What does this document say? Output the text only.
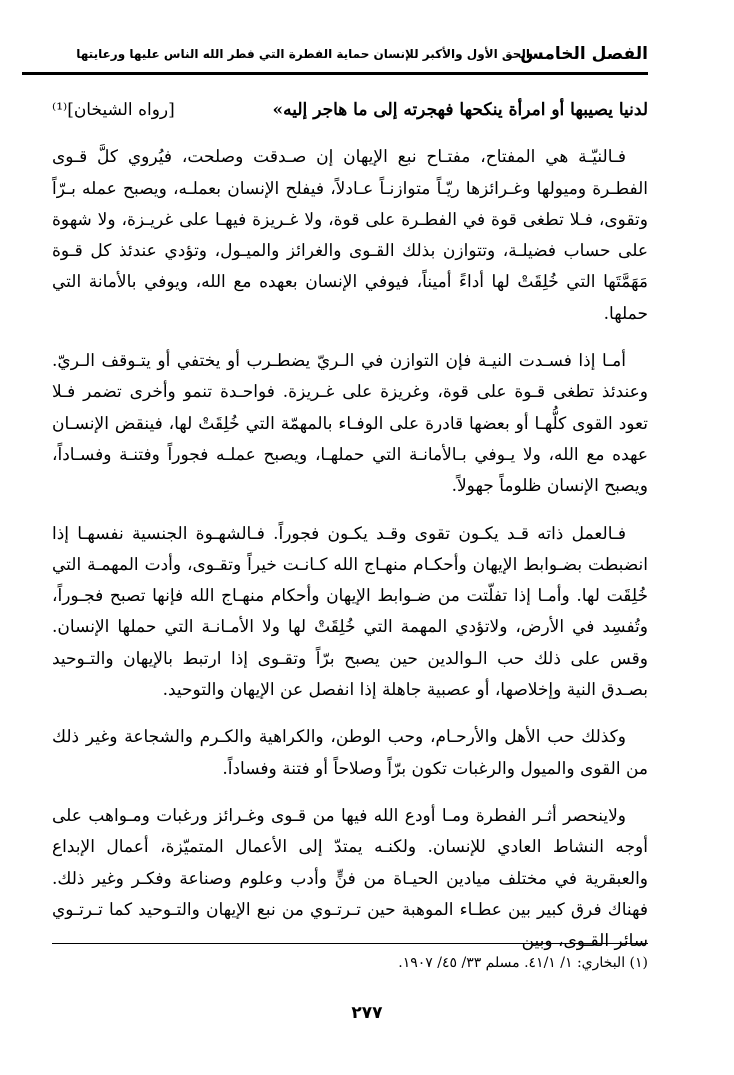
الفصل الخامس
الحق الأول والأكبر للإنسان حماية الفطرة التي فطر الله الناس عليها ورعايتها

لدنيا يصيبها أو امرأة ينكحها فهجرته إلى ما هاجر إليه»
[رواه الشيخان]⁽¹⁾

فـالنيّـة هي المفتاح، مفتـاح نبع الإيهان إن صـدقت وصلحت، فيُروي كلَّ قـوى الفطـرة وميولها وغـرائزها ريّـاً متوازنـاً عـادلاً، فيفلح الإنسان بعملـه، ويصبح عمله بـرّاً وتقوى، فـلا تطغى قوة في الفطـرة على قوة، ولا غـريزة فيهـا على غريـزة، ولا شهوة على حساب فضيلـة، وتتوازن بذلك القـوى والغرائز والميـول، وتؤدي عندئذ كل قـوة مَهَمَّتَها التي خُلِقَتْ لها أداءً أميناً، فيوفي الإنسان بعهده مع الله، ويوفي بالأمانة التي حملها.

أمـا إذا فسـدت النيـة فإن التوازن في الـريّ يضطـرب أو يختفي أو يتـوقف الـريّ. وعندئذ تطغى قـوة على قوة، وغريزة على غـريزة. فواحـدة تنمو وأخرى تضمر فـلا تعود القوى كلُّهـا أو بعضها قادرة على الوفـاء بالمهمّة التي خُلِقَتْ لها، فينقض الإنسـان عهده مع الله، ولا يـوفي بـالأمانـة التي حملهـا، ويصبح عملـه فجوراً وفتنـة وفسـاداً، ويصبح الإنسان ظلوماً جهولاً.

فـالعمل ذاته قـد يكـون تقوى وقـد يكـون فجوراً. فـالشهـوة الجنسية نفسهـا إذا انضبطت بضـوابط الإيهان وأحكـام منهـاج الله كـانـت خيراً وتقـوى، وأدت المهمـة التي خُلِقَت لها. وأمـا إذا تفلّتت من ضـوابط الإيهان وأحكام منهـاج الله فإنها تصبح فجـوراً، وتُفسِد في الأرض، ولاتؤدي المهمة التي خُلِقَتْ لها ولا الأمـانـة التي حملها الإنسان. وقس على ذلك حب الـوالدين حين يصبح برّاً وتقـوى إذا ارتبط بالإيهان والتـوحيد بصـدق النية وإخلاصها، أو عصبية جاهلة إذا انفصل عن الإيهان والتوحيد.

وكذلك حب الأهل والأرحـام، وحب الوطن، والكراهية والكـرم والشجاعة وغير ذلك من القوى والميول والرغبات تكون برّاً وصلاحاً أو فتنة وفساداً.

ولاينحصر أثـر الفطرة ومـا أودع الله فيها من قـوى وغـرائز ورغبات ومـواهب على أوجه النشاط العادي للإنسان. ولكنـه يمتدّ إلى الأعمال المتميّزة، أعمال الإبداع والعبقرية في مختلف ميادين الحيـاة من فنٍّ وأدب وعلوم وصناعة وفكـر وغير ذلك. فهناك فرق كبير بين عطـاء الموهبة حين تـرتـوي من نبع الإيهان والتـوحيد كما تـرتـوي سائر القـوى، وبين

(١) البخاري: ١/ ٤١/١. مسلم ٣٣/ ٤٥/ ١٩٠٧.
٢٧٧
